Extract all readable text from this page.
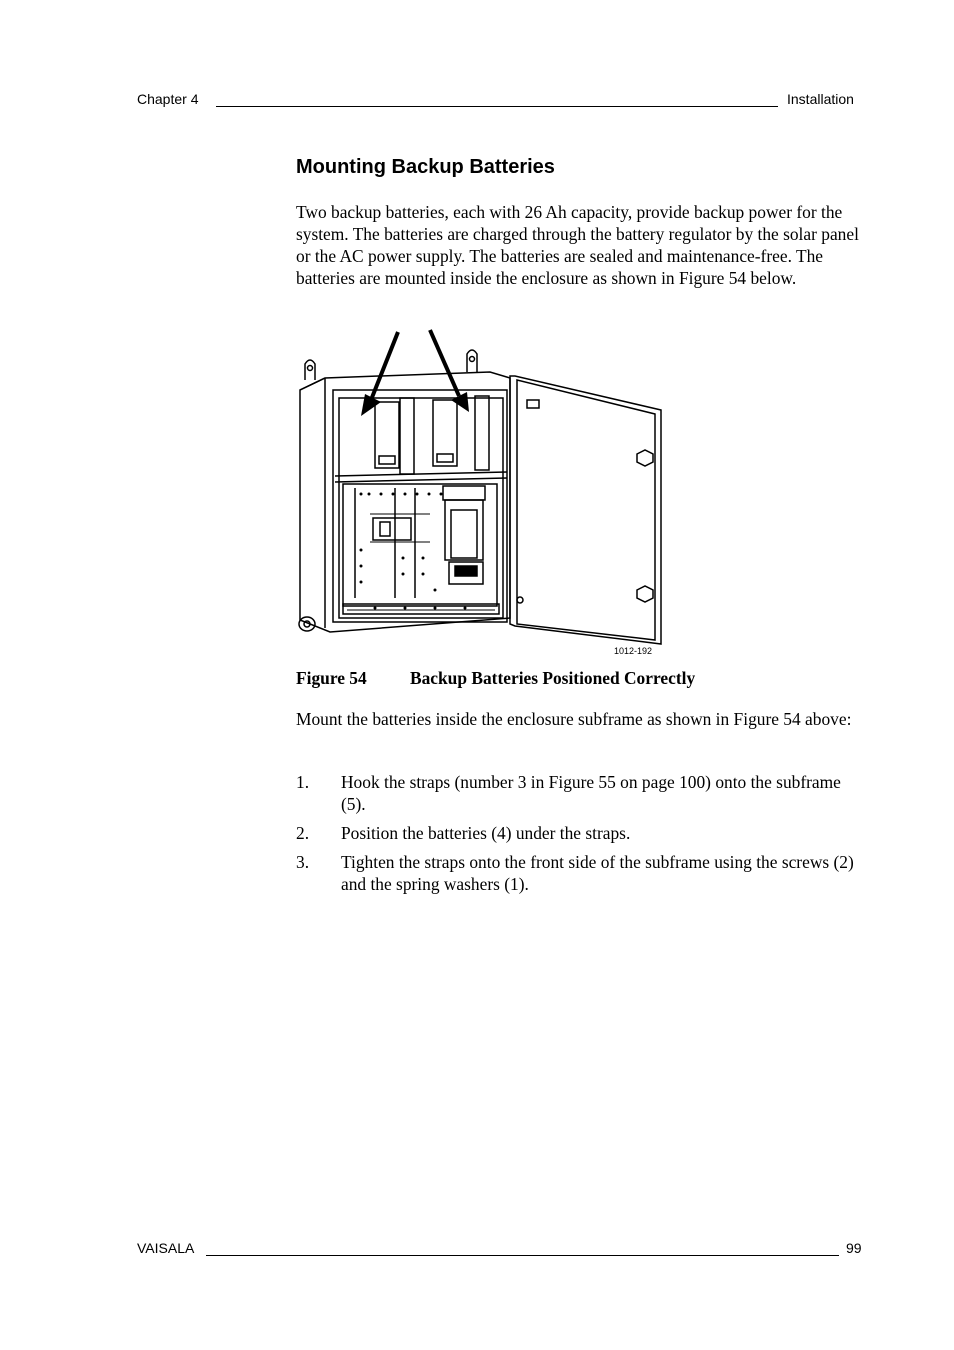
Chapter 4	Installation
Mounting Backup Batteries

Two backup batteries, each with 26 Ah capacity, provide backup power for the system. The batteries are charged through the battery regulator by the solar panel or the AC power supply. The batteries are sealed and maintenance-free. The batteries are mounted inside the enclosure as shown in Figure 54 below.

1012-192
Figure 54 Backup Batteries Positioned Correctly

Mount the batteries inside the enclosure subframe as shown in Figure 54 above:

1. Hook the straps (number 3 in Figure 55 on page 100) onto the subframe (5).
2. Position the batteries (4) under the straps.
3. Tighten the straps onto the front side of the subframe using the screws (2) and the spring washers (1).
VAISALA	99
